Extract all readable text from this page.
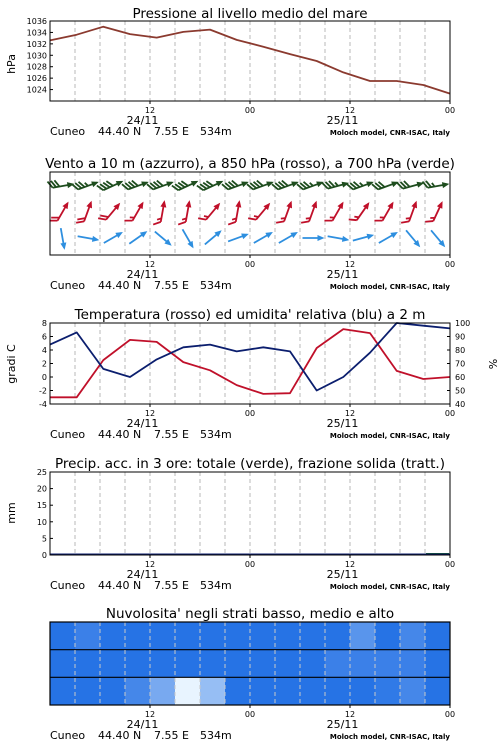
Pressione al livello medio del mare
hPa
1024
1026
1028
1030
1032
1034
1036
12	00	12	00
24/11	25/11
Cuneo 44.40 N 7.55 E 534m	Moloch model, CNR-ISAC, Italy
Vento a 10 m (azzurro), a 850 hPa (rosso), a 700 hPa (verde)
12	00	12	00
24/11	25/11
Cuneo 44.40 N 7.55 E 534m	Moloch model, CNR-ISAC, Italy
Temperatura (rosso) ed umidita' relativa (blu) a 2 m
gradi C	%
-4
-2
0
2
4
6
8
40
50
60
70
80
90
100
12	00	12	00
24/11	25/11
Cuneo 44.40 N 7.55 E 534m	Moloch model, CNR-ISAC, Italy
Precip. acc. in 3 ore: totale (verde), frazione solida (tratt.)
mm
0
5
10
15
20
25
12	00	12	00
24/11	25/11
Cuneo 44.40 N 7.55 E 534m	Moloch model, CNR-ISAC, Italy
Nuvolosita' negli strati basso, medio e alto
12	00	12	00
24/11	25/11
Cuneo 44.40 N 7.55 E 534m	Moloch model, CNR-ISAC, Italy
